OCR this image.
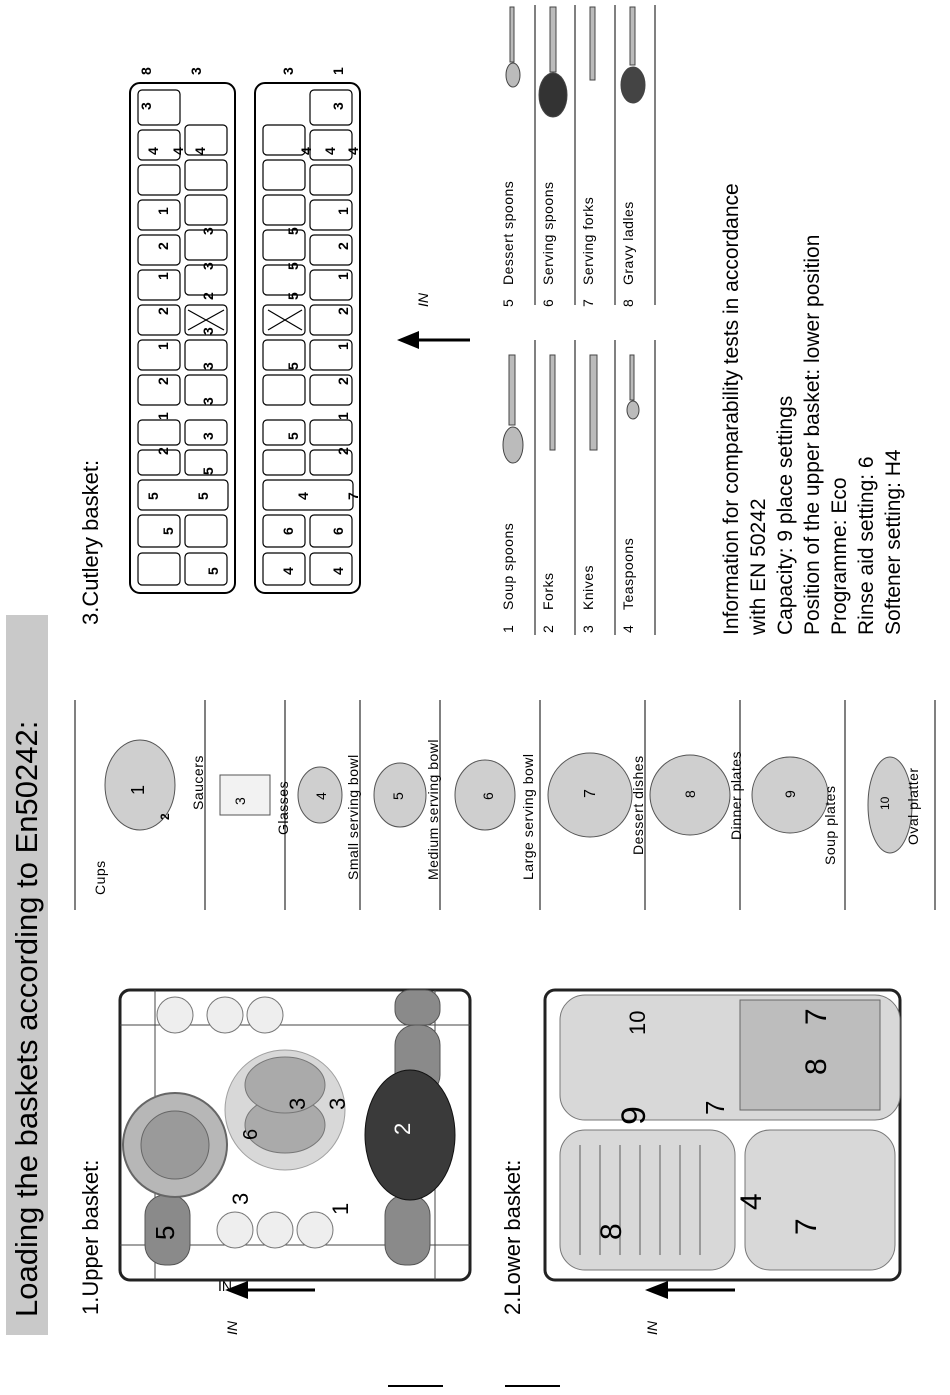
Loading the baskets according to En50242: 1.Upper basket:	2.Lower basket:
3.Cutlery basket:
IN
IN
IN	IN
5
6
3 3
2
1
3
8
4
7
9 7
8
10	7
Cups
1
2
Saucers 3 Glasses 4 Small serving bowl 5 Medium serving bowl	6 Large serving bowl	7 Dessert dishes	8 Dinner plates	9 Soup plates	10 Oval platter
8 3
3
4 4 4
1
2
1
2
1
2
1
2
5 5
5
5
3
3
2
3
3
3
3
5
3 1
3
4 4 4
1
2
1
2
1
2
1
2
7
6
4
5
5
5
5
5
4
6
4
1
Soup spoons
2
Forks
3
Knives
4
Teaspoons
5
Dessert spoons
6
Serving spoons
7
Serving forks
8
Gravy ladles	Information for comparability tests in accordance with EN 50242 Capacity: 9 place settings Position of the upper basket: lower position Programme: Eco Rinse aid setting: 6 Softener setting: H4
